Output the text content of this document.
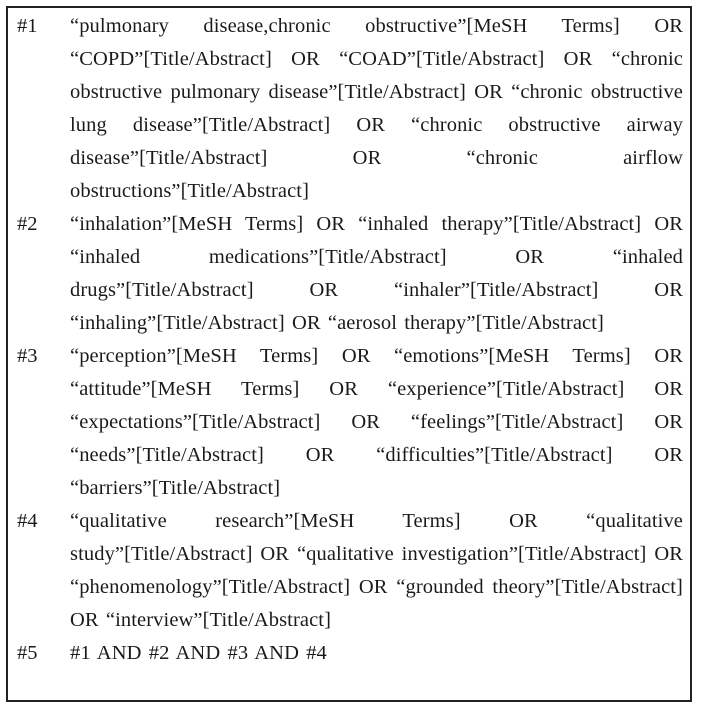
#1	“pulmonary disease,chronic obstructive”[MeSH Terms] OR “COPD”[Title/Abstract] OR “COAD”[Title/Abstract] OR “chronic obstructive pulmonary disease”[Title/Abstract] OR “chronic obstructive lung disease”[Title/Abstract] OR “chronic obstructive airway disease”[Title/Abstract] OR “chronic airflow obstructions”[Title/Abstract]
#2	“inhalation”[MeSH Terms] OR “inhaled therapy”[Title/Abstract] OR “inhaled medications”[Title/Abstract] OR “inhaled drugs”[Title/Abstract] OR “inhaler”[Title/Abstract] OR “inhaling”[Title/Abstract] OR “aerosol therapy”[Title/Abstract]
#3	“perception”[MeSH Terms] OR “emotions”[MeSH Terms] OR “attitude”[MeSH Terms] OR “experience”[Title/Abstract] OR “expectations”[Title/Abstract] OR “feelings”[Title/Abstract] OR “needs”[Title/Abstract] OR “difficulties”[Title/Abstract] OR “barriers”[Title/Abstract]
#4	“qualitative research”[MeSH Terms] OR “qualitative study”[Title/Abstract] OR “qualitative investigation”[Title/Abstract] OR “phenomenology”[Title/Abstract] OR “grounded theory”[Title/Abstract] OR “interview”[Title/Abstract]
#5	#1 AND #2 AND #3 AND #4
